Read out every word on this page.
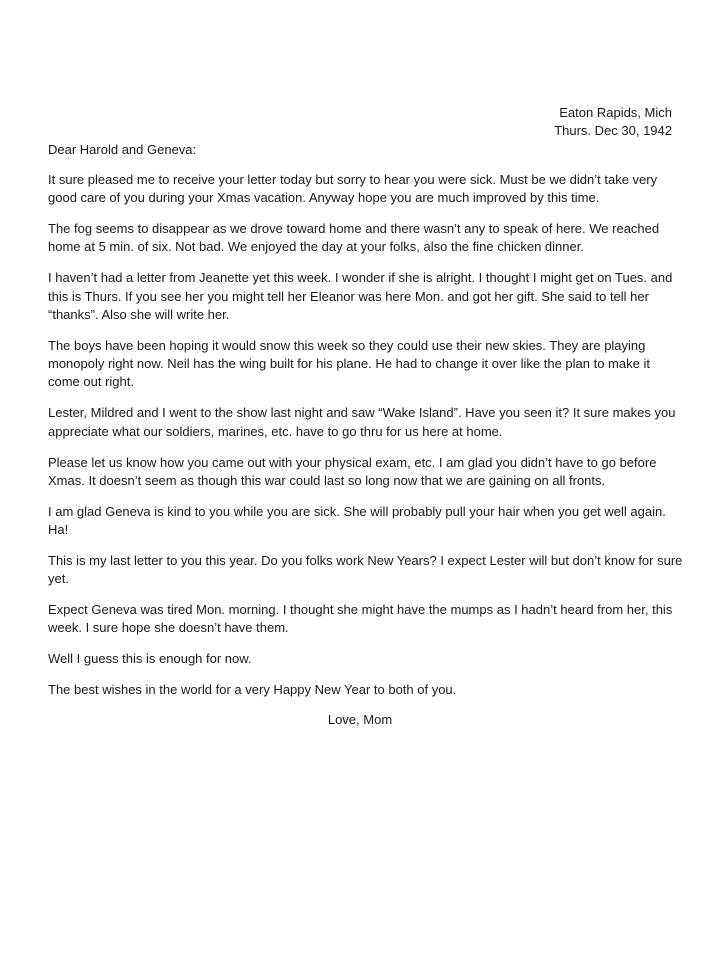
Eaton Rapids, Mich
Thurs. Dec 30, 1942
Dear Harold and Geneva:

It sure pleased me to receive your letter today but sorry to hear you were sick. Must be we didn’t take very good care of you during your Xmas vacation. Anyway hope you are much improved by this time.

The fog seems to disappear as we drove toward home and there wasn’t any to speak of here. We reached home at 5 min. of six. Not bad. We enjoyed the day at your folks, also the fine chicken dinner.

I haven’t had a letter from Jeanette yet this week. I wonder if she is alright. I thought I might get on Tues. and this is Thurs. If you see her you might tell her Eleanor was here Mon. and got her gift. She said to tell her “thanks”. Also she will write her.

The boys have been hoping it would snow this week so they could use their new skies. They are playing monopoly right now. Neil has the wing built for his plane. He had to change it over like the plan to make it come out right.

Lester, Mildred and I went to the show last night and saw “Wake Island”. Have you seen it? It sure makes you appreciate what our soldiers, marines, etc. have to go thru for us here at home.

Please let us know how you came out with your physical exam, etc. I am glad you didn’t have to go before Xmas. It doesn’t seem as though this war could last so long now that we are gaining on all fronts.

I am glad Geneva is kind to you while you are sick. She will probably pull your hair when you get well again. Ha!

This is my last letter to you this year. Do you folks work New Years? I expect Lester will but don’t know for sure yet.

Expect Geneva was tired Mon. morning. I thought she might have the mumps as I hadn’t heard from her, this week. I sure hope she doesn’t have them.

Well I guess this is enough for now.

The best wishes in the world for a very Happy New Year to both of you.

Love, Mom
